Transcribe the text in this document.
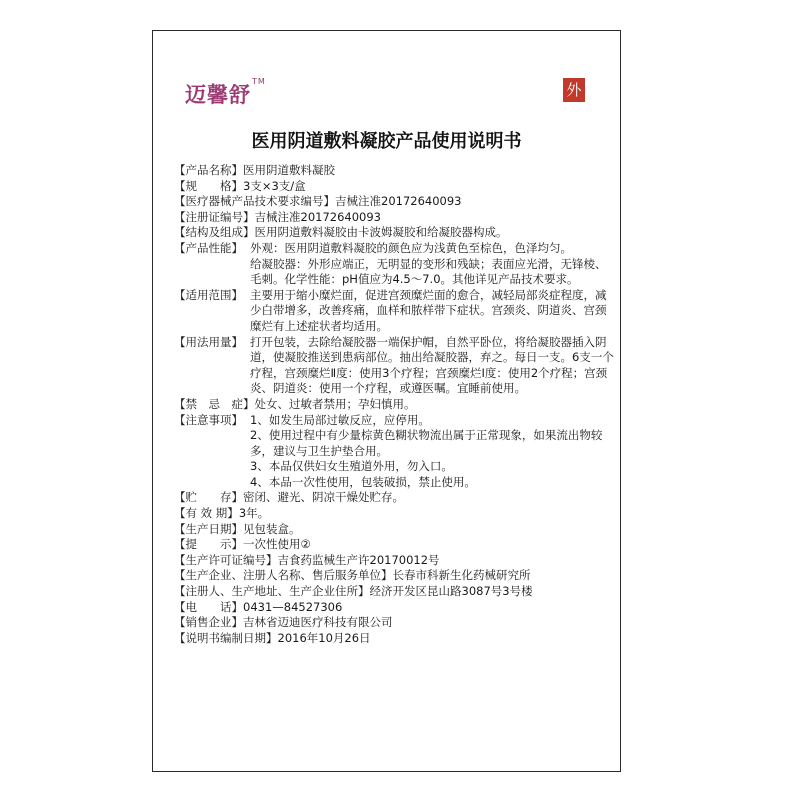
迈馨舒™	外
医用阴道敷料凝胶产品使用说明书
【产品名称】 医用阴道敷料凝胶
【规　　格】 3支×3支/盒
【医疗器械产品技术要求编号】 吉械注准20172640093
【注册证编号】 吉械注准20172640093
【结构及组成】 医用阴道敷料凝胶由卡波姆凝胶和给凝胶器构成。
【产品性能】 外观：医用阴道敷料凝胶的颜色应为浅黄色至棕色，色泽均匀。
给凝胶器：外形应端正，无明显的变形和残缺；表面应光滑，无锋棱、毛刺。化学性能：pH值应为4.5～7.0。其他详见产品技术要求。
【适用范围】 主要用于缩小糜烂面，促进宫颈糜烂面的愈合，减轻局部炎症程度，减少白带增多，改善疼痛，血样和脓样带下症状。宫颈炎、阴道炎、宫颈糜烂有上述症状者均适用。
【用法用量】 打开包装，去除给凝胶器一端保护帽，自然平卧位，将给凝胶器插入阴道，使凝胶推送到患病部位。抽出给凝胶器，弃之。每日一支。6支一个疗程，宫颈糜烂Ⅱ度：使用3个疗程；宫颈糜烂Ⅰ度：使用2个疗程；宫颈炎、阴道炎：使用一个疗程，或遵医嘱。宜睡前使用。
【禁　忌　症】 处女、过敏者禁用；孕妇慎用。
【注意事项】 1、如发生局部过敏反应，应停用。
2、使用过程中有少量棕黄色糊状物流出属于正常现象，如果流出物较多，建议与卫生护垫合用。
3、本品仅供妇女生殖道外用，勿入口。
4、本品一次性使用，包装破损，禁止使用。
【贮　　存】 密闭、避光、阴凉干燥处贮存。
【有 效 期】 3年。
【生产日期】 见包装盒。
【提　　示】 一次性使用②
【生产许可证编号】 吉食药监械生产许20170012号
【生产企业、注册人名称、售后服务单位】 长春市科新生化药械研究所
【注册人、生产地址、生产企业住所】 经济开发区昆山路3087号3号楼
【电　　话】 0431—84527306
【销售企业】 吉林省迈迪医疗科技有限公司
【说明书编制日期】 2016年10月26日
